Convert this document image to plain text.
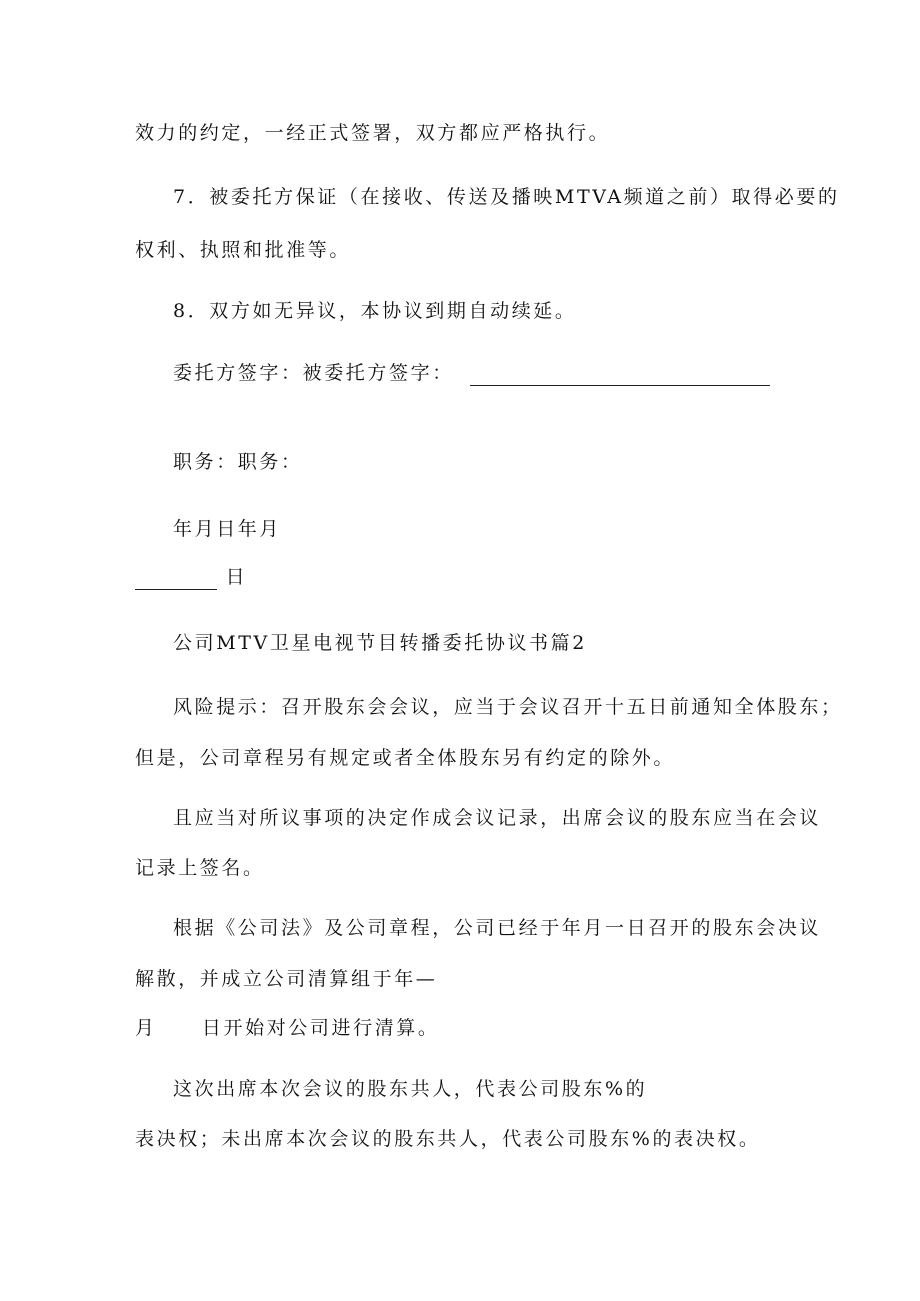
效力的约定，一经正式签署，双方都应严格执行。

7．被委托方保证（在接收、传送及播映MTVA频道之前）取得必要的

权利、执照和批准等。

8．双方如无异议，本协议到期自动续延。

委托方签字：被委托方签字：

职务：职务：

年月日年月

日

公司MTV卫星电视节目转播委托协议书篇2

风险提示：召开股东会会议，应当于会议召开十五日前通知全体股东；

但是，公司章程另有规定或者全体股东另有约定的除外。

且应当对所议事项的决定作成会议记录，出席会议的股东应当在会议

记录上签名。

根据《公司法》及公司章程，公司已经于年月一日召开的股东会决议

解散，并成立公司清算组于年—

月 日开始对公司进行清算。

这次出席本次会议的股东共人，代表公司股东%的

表决权；未出席本次会议的股东共人，代表公司股东%的表决权。
